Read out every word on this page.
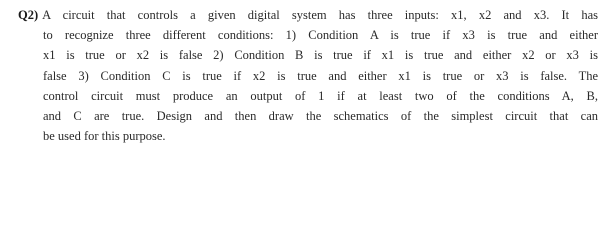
Q2) A circuit that controls a given digital system has three inputs: x1, x2 and x3. It has
to recognize three different conditions: 1) Condition A is true if x3 is true and either
x1 is true or x2 is false 2) Condition B is true if x1 is true and either x2 or x3 is
false 3) Condition C is true if x2 is true and either x1 is true or x3 is false. The
control circuit must produce an output of 1 if at least two of the conditions A, B,
and C are true. Design and then draw the schematics of the simplest circuit that can
be used for this purpose.
